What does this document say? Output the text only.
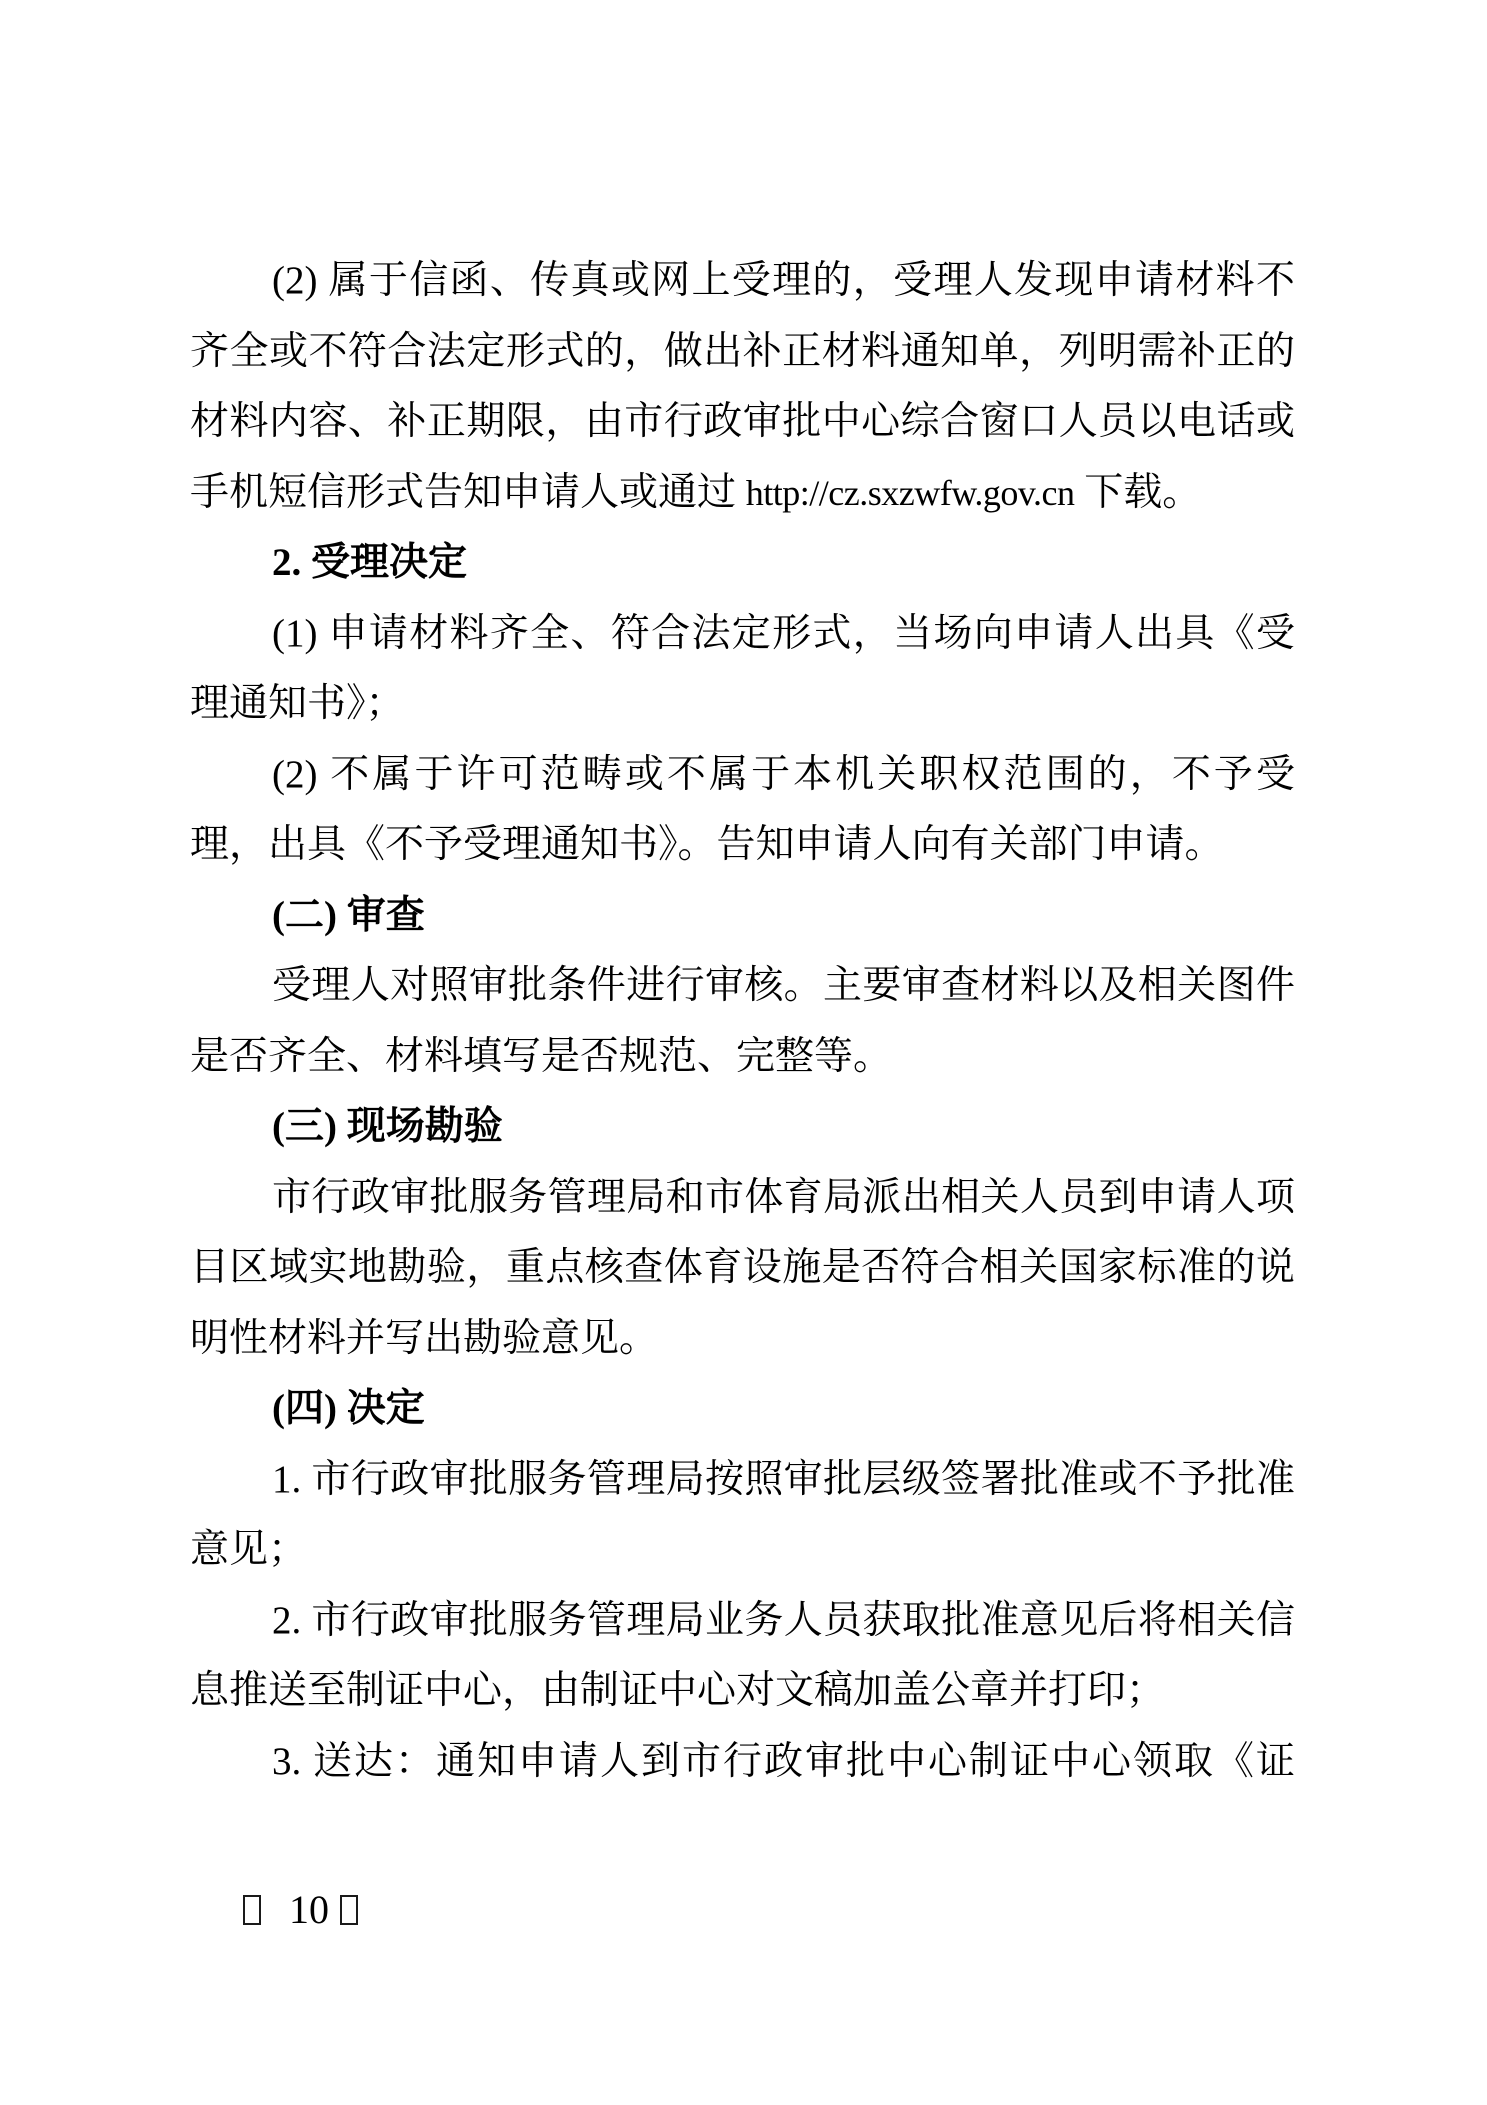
(2) 属于信函、传真或网上受理的，受理人发现申请材料不
齐全或不符合法定形式的，做出补正材料通知单，列明需补正的
材料内容、补正期限，由市行政审批中心综合窗口人员以电话或
手机短信形式告知申请人或通过 http://cz.sxzwfw.gov.cn 下载。
2. 受理决定
(1) 申请材料齐全、符合法定形式，当场向申请人出具《受
理通知书》；
(2) 不属于许可范畴或不属于本机关职权范围的，不予受
理，出具《不予受理通知书》。告知申请人向有关部门申请。
(二) 审查
受理人对照审批条件进行审核。主要审查材料以及相关图件
是否齐全、材料填写是否规范、完整等。
(三) 现场勘验
市行政审批服务管理局和市体育局派出相关人员到申请人项
目区域实地勘验，重点核查体育设施是否符合相关国家标准的说
明性材料并写出勘验意见。
(四) 决定
1. 市行政审批服务管理局按照审批层级签署批准或不予批准
意见；
2. 市行政审批服务管理局业务人员获取批准意见后将相关信
息推送至制证中心，由制证中心对文稿加盖公章并打印；
3. 送达：通知申请人到市行政审批中心制证中心领取《证
10
